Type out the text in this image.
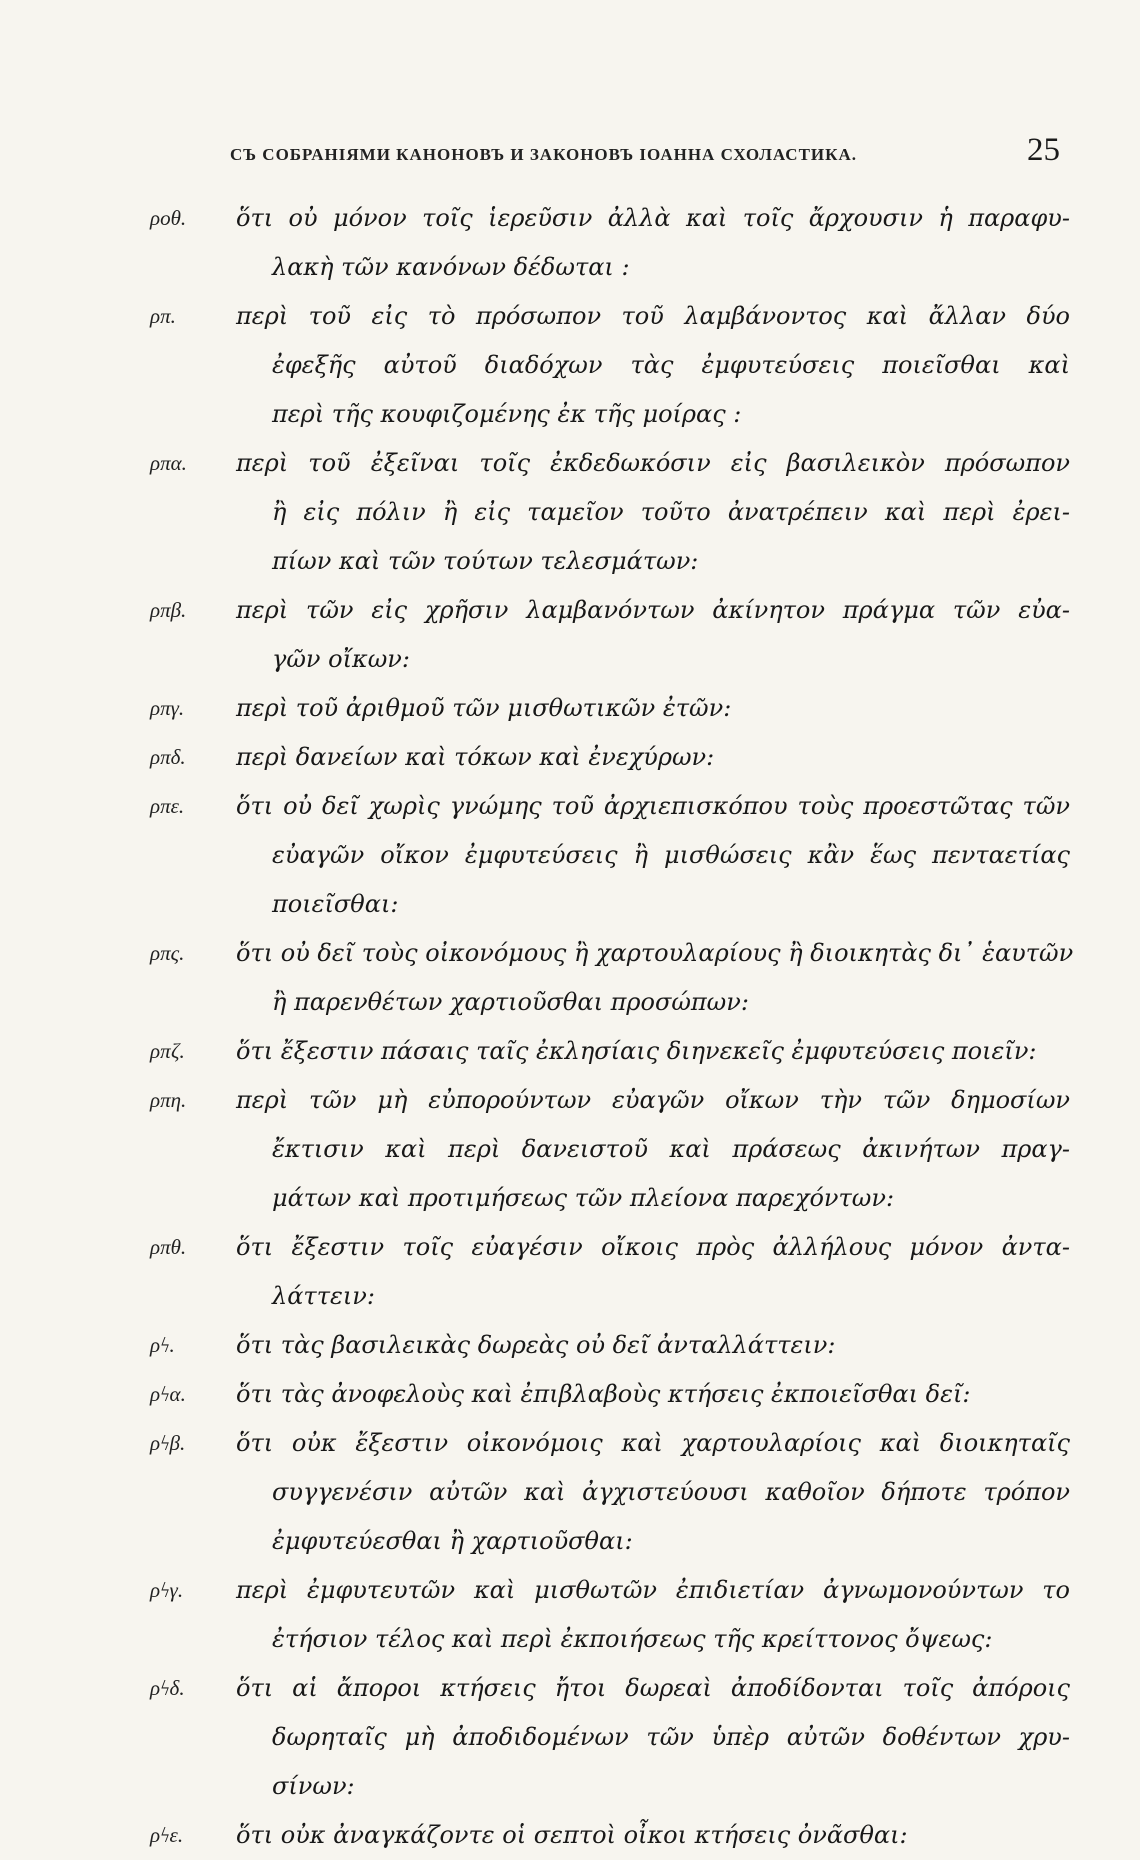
СЪ СОБРАНІЯМИ КАНОНОВЪ И ЗАКОНОВЪ ІОАННА СХОЛАСТИКА.	25
ροθ.	ὅτι οὐ μόνον τοῖς ἱερεῦσιν ἀλλὰ καὶ τοῖς ἄρχουσιν ἡ παραφυ-
λακὴ τῶν κανόνων δέδωται :
ρπ.	περὶ τοῦ εἰς τὸ πρόσωπον τοῦ λαμβάνοντος καὶ ἄλλαν δύο
ἐφεξῆς αὐτοῦ διαδόχων τὰς ἐμφυτεύσεις ποιεῖσθαι καὶ
περὶ τῆς κουφιζομένης ἐκ τῆς μοίρας :
ρπα.	περὶ τοῦ ἐξεῖναι τοῖς ἐκδεδωκόσιν εἰς βασιλεικὸν πρόσωπον
ἢ εἰς πόλιν ἢ εἰς ταμεῖον τοῦτο ἀνατρέπειν καὶ περὶ ἐρει-
πίων καὶ τῶν τούτων τελεσμάτων:
ρπβ.	περὶ τῶν εἰς χρῆσιν λαμβανόντων ἀκίνητον πράγμα τῶν εὐα-
γῶν οἴκων:
ρπγ.	περὶ τοῦ ἀριθμοῦ τῶν μισθωτικῶν ἐτῶν:
ρπδ.	περὶ δανείων καὶ τόκων καὶ ἐνεχύρων:
ρπε.	ὅτι οὐ δεῖ χωρὶς γνώμης τοῦ ἀρχιεπισκόπου τοὺς προεστῶτας τῶν
εὐαγῶν οἴκον ἐμφυτεύσεις ἢ μισθώσεις κἂν ἕως πενταετίας
ποιεῖσθαι:
ρπς.	ὅτι οὐ δεῖ τοὺς οἰκονόμους ἢ χαρτουλαρίους ἢ διοικητὰς δι᾽ ἑαυτῶν
ἢ παρενθέτων χαρτιοῦσθαι προσώπων:
ρπζ.	ὅτι ἔξεστιν πάσαις ταῖς ἐκλησίαις διηνεκεῖς ἐμφυτεύσεις ποιεῖν:
ρπη.	περὶ τῶν μὴ εὐπορούντων εὐαγῶν οἴκων τὴν τῶν δημοσίων
ἔκτισιν καὶ περὶ δανειστοῦ καὶ πράσεως ἀκινήτων πραγ-
μάτων καὶ προτιμήσεως τῶν πλείονα παρεχόντων:
ρπθ.	ὅτι ἔξεστιν τοῖς εὐαγέσιν οἴκοις πρὸς ἀλλήλους μόνον ἀντα-
λάττειν:
ρϟ.	ὅτι τὰς βασιλεικὰς δωρεὰς οὐ δεῖ ἀνταλλάττειν:
ρϟα.	ὅτι τὰς ἀνοφελοὺς καὶ ἐπιβλαβοὺς κτήσεις ἐκποιεῖσθαι δεῖ:
ρϟβ.	ὅτι οὐκ ἔξεστιν οἰκονόμοις καὶ χαρτουλαρίοις καὶ διοικηταῖς
συγγενέσιν αὐτῶν καὶ ἀγχιστεύουσι καθοῖον δήποτε τρόπον
ἐμφυτεύεσθαι ἢ χαρτιοῦσθαι:
ρϟγ.	περὶ ἐμφυτευτῶν καὶ μισθωτῶν ἐπιδιετίαν ἀγνωμονούντων το
ἐτήσιον τέλος καὶ περὶ ἐκποιήσεως τῆς κρείττονος ὄψεως:
ρϟδ.	ὅτι αἱ ἄποροι κτήσεις ἤτοι δωρεαὶ ἀποδίδονται τοῖς ἀπόροις
δωρηταῖς μὴ ἀποδιδομένων τῶν ὑπὲρ αὐτῶν δοθέντων χρυ-
σίνων:
ρϟε.	ὅτι οὐκ ἀναγκάζοντε οἱ σεπτοὶ οἶκοι κτήσεις ὀνᾶσθαι:
